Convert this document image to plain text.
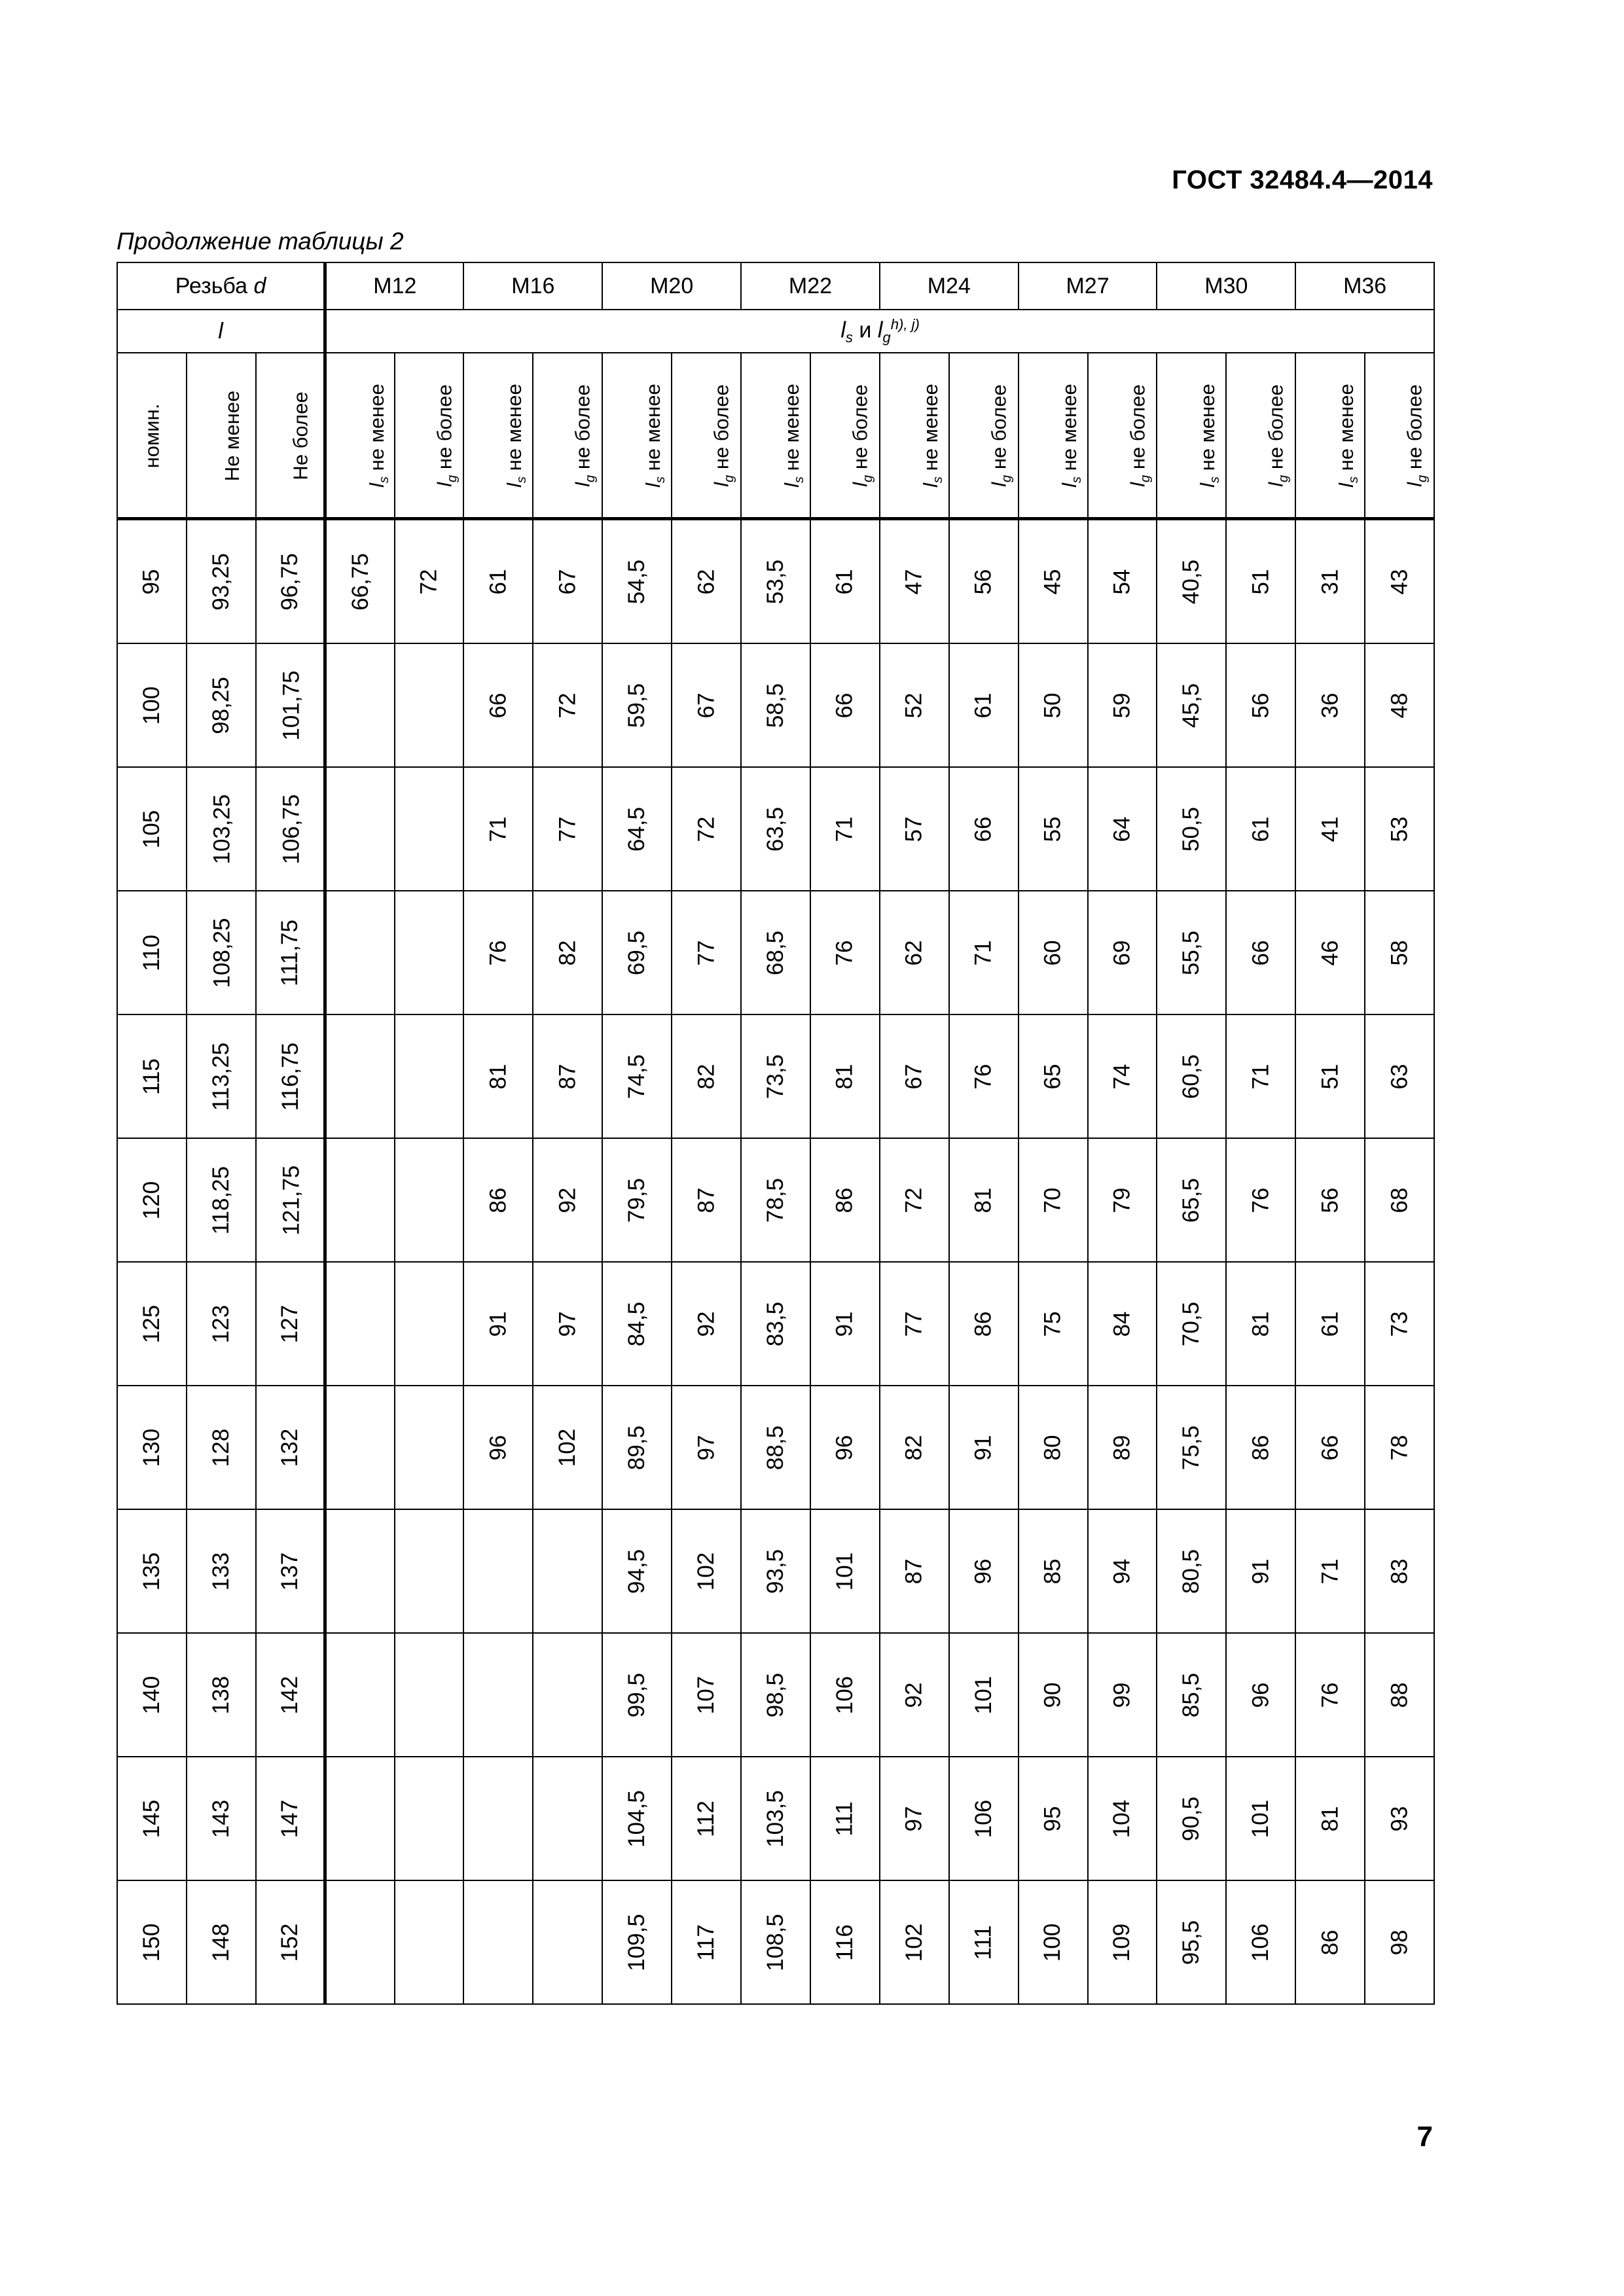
ГОСТ 32484.4—2014
Продолжение таблицы 2
Резьба d			M12		M16		M20		M22		M24		M27		M30		M36	
l			$l_s$ и $l_g^{h), j)}$
номин.	Не менее	Не более	$l_s$ не менее	$l_g$ не более	$l_s$ не менее	$l_g$ не более	$l_s$ не менее	$l_g$ не более	$l_s$ не менее	$l_g$ не более	$l_s$ не менее	$l_g$ не более	$l_s$ не менее	$l_g$ не более	$l_s$ не менее	$l_g$ не более	$l_s$ не менее	$l_g$ не более
95	93,25	96,75	66,75	72	61	67	54,5	62	53,5	61	47	56	45	54	40,5	51	31	43
100	98,25	101,75			66	72	59,5	67	58,5	66	52	61	50	59	45,5	56	36	48
105	103,25	106,75			71	77	64,5	72	63,5	71	57	66	55	64	50,5	61	41	53
110	108,25	111,75			76	82	69,5	77	68,5	76	62	71	60	69	55,5	66	46	58
115	113,25	116,75			81	87	74,5	82	73,5	81	67	76	65	74	60,5	71	51	63
120	118,25	121,75			86	92	79,5	87	78,5	86	72	81	70	79	65,5	76	56	68
125	123	127			91	97	84,5	92	83,5	91	77	86	75	84	70,5	81	61	73
130	128	132			96	102	89,5	97	88,5	96	82	91	80	89	75,5	86	66	78
135	133	137					94,5	102	93,5	101	87	96	85	94	80,5	91	71	83
140	138	142					99,5	107	98,5	106	92	101	90	99	85,5	96	76	88
145	143	147					104,5	112	103,5	111	97	106	95	104	90,5	101	81	93
150	148	152					109,5	117	108,5	116	102	111	100	109	95,5	106	86	98
7
